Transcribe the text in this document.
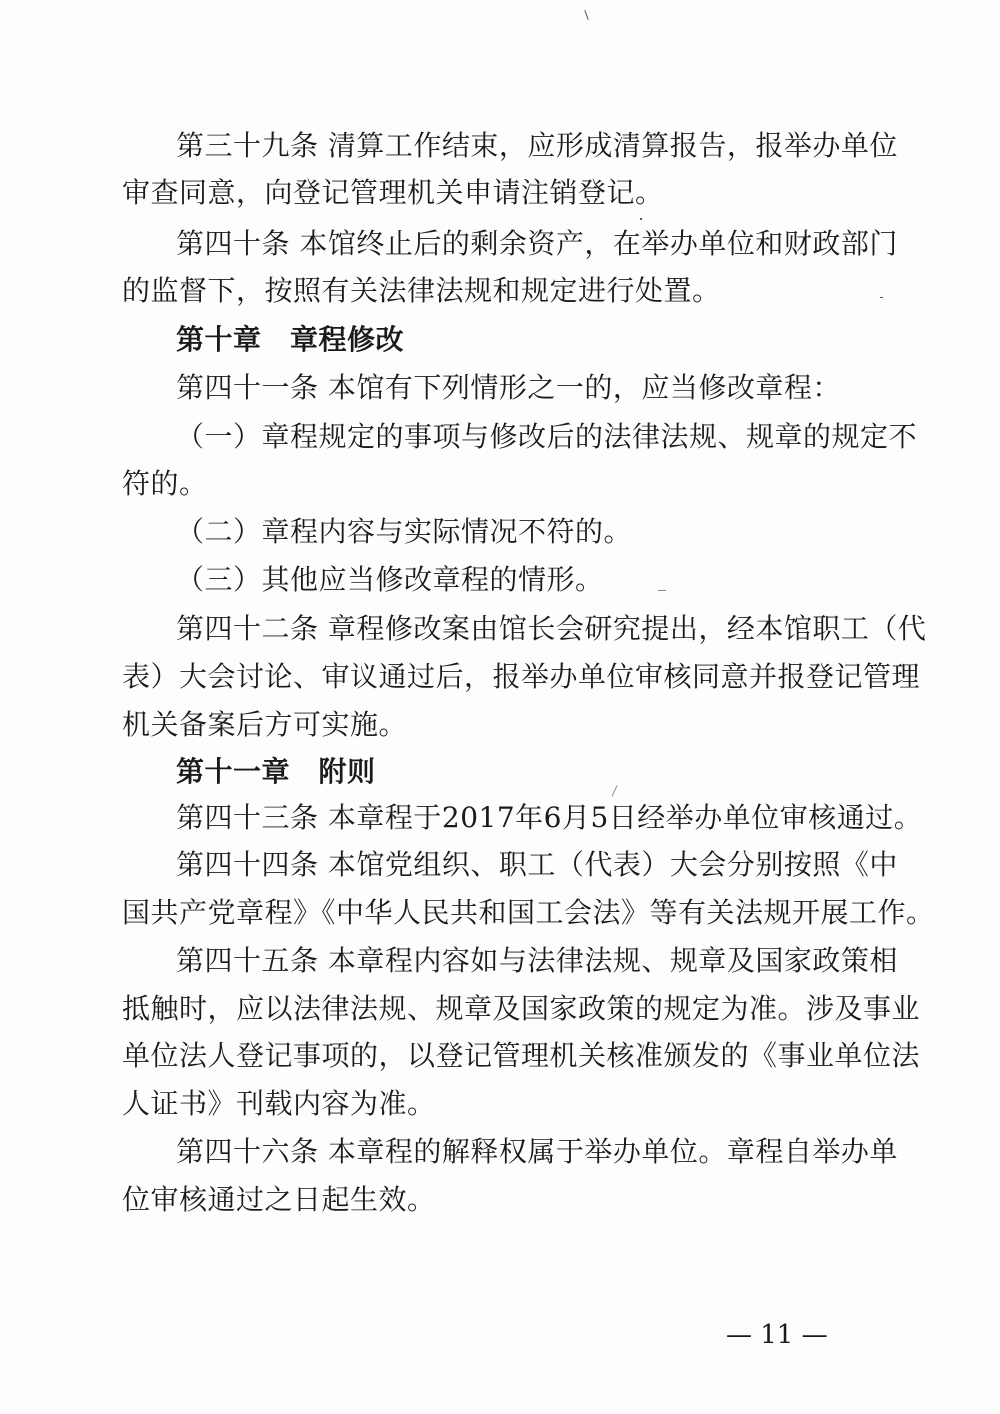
第三十九条 清算工作结束，应形成清算报告，报举办单位
审查同意，向登记管理机关申请注销登记。
第四十条 本馆终止后的剩余资产，在举办单位和财政部门
的监督下，按照有关法律法规和规定进行处置。
第十章　章程修改
第四十一条 本馆有下列情形之一的，应当修改章程：
（一）章程规定的事项与修改后的法律法规、规章的规定不
符的。
（二）章程内容与实际情况不符的。
（三）其他应当修改章程的情形。
第四十二条 章程修改案由馆长会研究提出，经本馆职工（代
表）大会讨论、审议通过后，报举办单位审核同意并报登记管理
机关备案后方可实施。
第十一章　附则
第四十三条 本章程于2017年6月5日经举办单位审核通过。
第四十四条 本馆党组织、职工（代表）大会分别按照《中
国共产党章程》《中华人民共和国工会法》等有关法规开展工作。
第四十五条 本章程内容如与法律法规、规章及国家政策相
抵触时，应以法律法规、规章及国家政策的规定为准。涉及事业
单位法人登记事项的，以登记管理机关核准颁发的《事业单位法
人证书》刊载内容为准。
第四十六条 本章程的解释权属于举办单位。章程自举办单
位审核通过之日起生效。
— 11 —
